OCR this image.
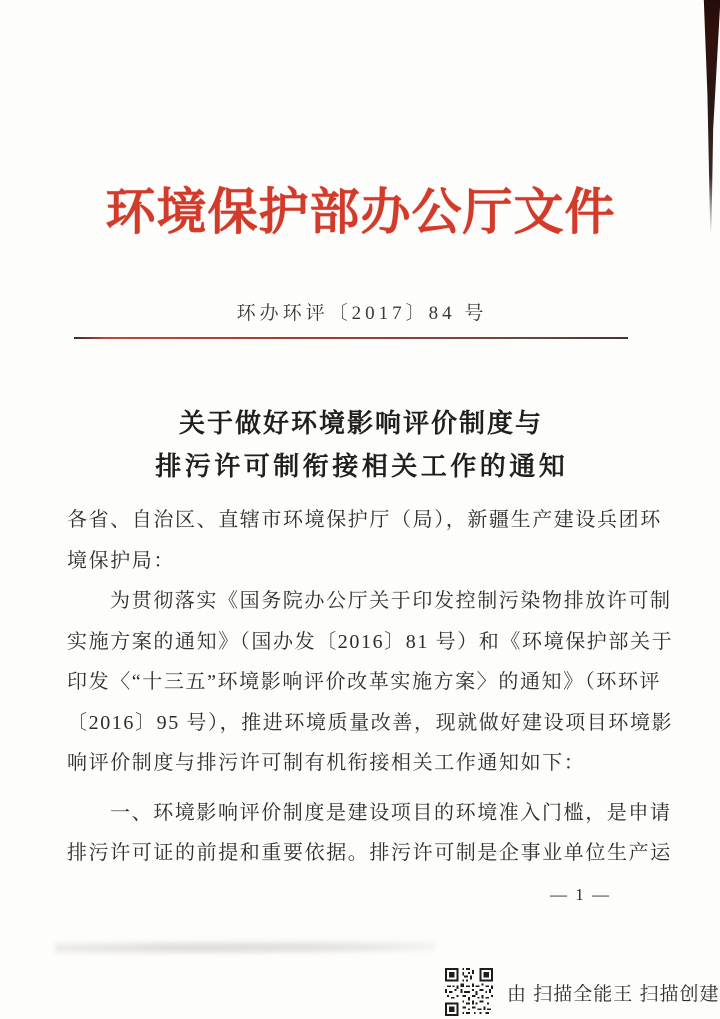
环境保护部办公厅文件
环办环评〔2017〕84 号
关于做好环境影响评价制度与
排污许可制衔接相关工作的通知
各省、自治区、直辖市环境保护厅（局），新疆生产建设兵团环
境保护局：
为贯彻落实《国务院办公厅关于印发控制污染物排放许可制
实施方案的通知》（国办发〔2016〕81 号）和《环境保护部关于
印发〈“十三五”环境影响评价改革实施方案〉的通知》（环环评
〔2016〕95 号），推进环境质量改善，现就做好建设项目环境影
响评价制度与排污许可制有机衔接相关工作通知如下：
一、环境影响评价制度是建设项目的环境准入门槛，是申请
排污许可证的前提和重要依据。排污许可制是企事业单位生产运
— 1 —
由 扫描全能王 扫描创建
